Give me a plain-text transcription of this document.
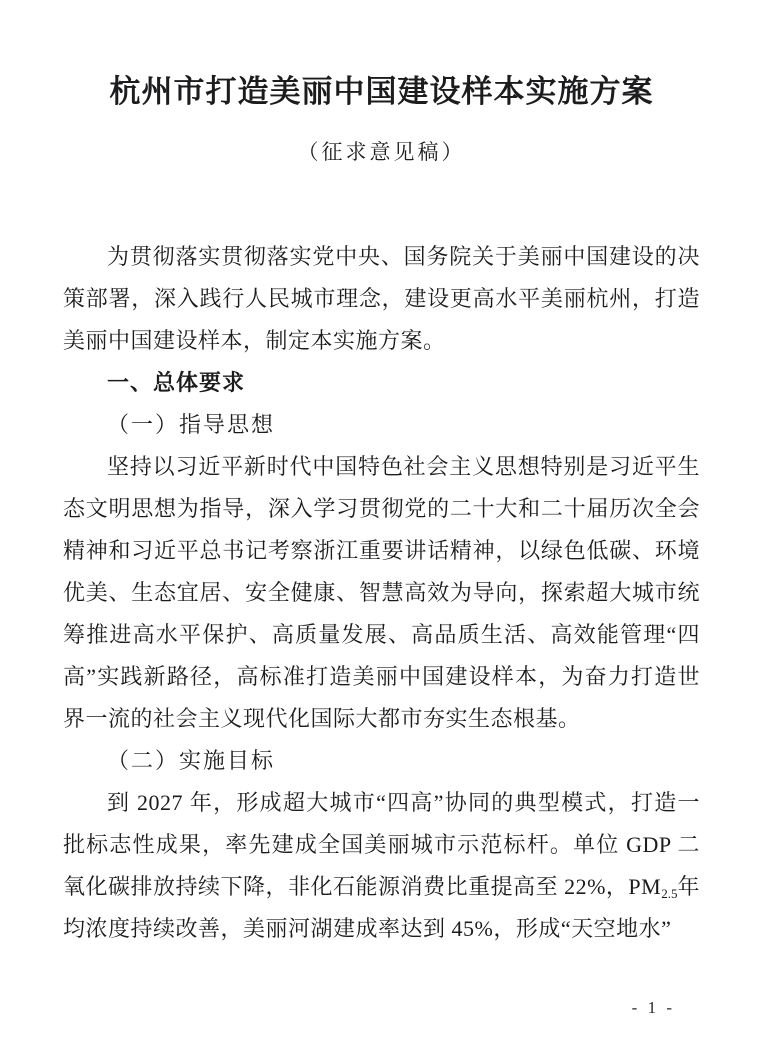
杭州市打造美丽中国建设样本实施方案
（征求意见稿）

为贯彻落实贯彻落实党中央、国务院关于美丽中国建设的决策部署，深入践行人民城市理念，建设更高水平美丽杭州，打造美丽中国建设样本，制定本实施方案。

一、总体要求

（一）指导思想

坚持以习近平新时代中国特色社会主义思想特别是习近平生态文明思想为指导，深入学习贯彻党的二十大和二十届历次全会精神和习近平总书记考察浙江重要讲话精神，以绿色低碳、环境优美、生态宜居、安全健康、智慧高效为导向，探索超大城市统筹推进高水平保护、高质量发展、高品质生活、高效能管理“四高”实践新路径，高标准打造美丽中国建设样本，为奋力打造世界一流的社会主义现代化国际大都市夯实生态根基。

（二）实施目标

到 2027 年，形成超大城市“四高”协同的典型模式，打造一批标志性成果，率先建成全国美丽城市示范标杆。单位 GDP 二氧化碳排放持续下降，非化石能源消费比重提高至 22%，$PM_{2.5}$年均浓度持续改善，美丽河湖建成率达到 45%，形成“天空地水”

- 1 -
